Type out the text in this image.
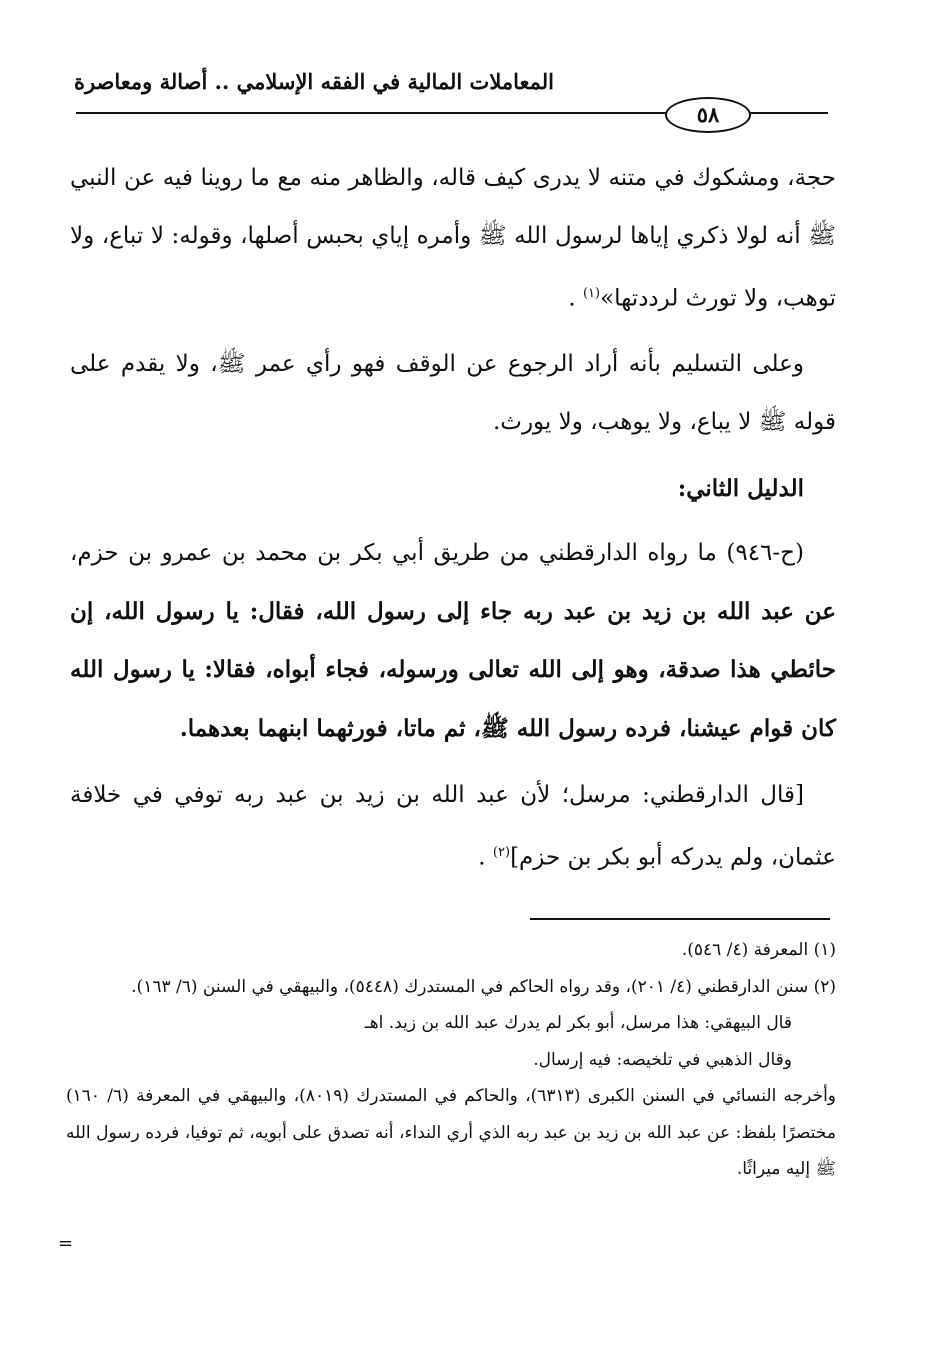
المعاملات المالية في الفقه الإسلامي .. أصالة ومعاصرة
٥٨

حجة، ومشكوك في متنه لا يدرى كيف قاله، والظاهر منه مع ما روينا فيه عن النبي ﷺ أنه لولا ذكري إياها لرسول الله ﷺ وأمره إياي بحبس أصلها، وقوله: لا تباع، ولا توهب، ولا تورث لرددتها»$^{(١)}$ .

وعلى التسليم بأنه أراد الرجوع عن الوقف فهو رأي عمر ﷺ، ولا يقدم على قوله ﷺ لا يباع، ولا يوهب، ولا يورث.

الدليل الثاني:

(ح-٩٤٦) ما رواه الدارقطني من طريق أبي بكر بن محمد بن عمرو بن حزم، عن عبد الله بن زيد بن عبد ربه جاء إلى رسول الله، فقال: يا رسول الله، إن حائطي هذا صدقة، وهو إلى الله تعالى ورسوله، فجاء أبواه، فقالا: يا رسول الله كان قوام عيشنا، فرده رسول الله ﷺ، ثم ماتا، فورثهما ابنهما بعدهما.

[قال الدارقطني: مرسل؛ لأن عبد الله بن زيد بن عبد ربه توفي في خلافة عثمان، ولم يدركه أبو بكر بن حزم]$^{(٢)}$ .

(١) المعرفة (٤/ ٥٤٦).

(٢) سنن الدارقطني (٤/ ٢٠١)، وقد رواه الحاكم في المستدرك (٥٤٤٨)، والبيهقي في السنن (٦/ ١٦٣).

قال البيهقي: هذا مرسل، أبو بكر لم يدرك عبد الله بن زيد. اهـ

وقال الذهبي في تلخيصه: فيه إرسال.

وأخرجه النسائي في السنن الكبرى (٦٣١٣)، والحاكم في المستدرك (٨٠١٩)، والبيهقي في المعرفة (٦/ ١٦٠) مختصرًا بلفظ: عن عبد الله بن زيد بن عبد ربه الذي أري النداء، أنه تصدق على أبويه، ثم توفيا، فرده رسول الله ﷺ إليه ميراثًا.

=
